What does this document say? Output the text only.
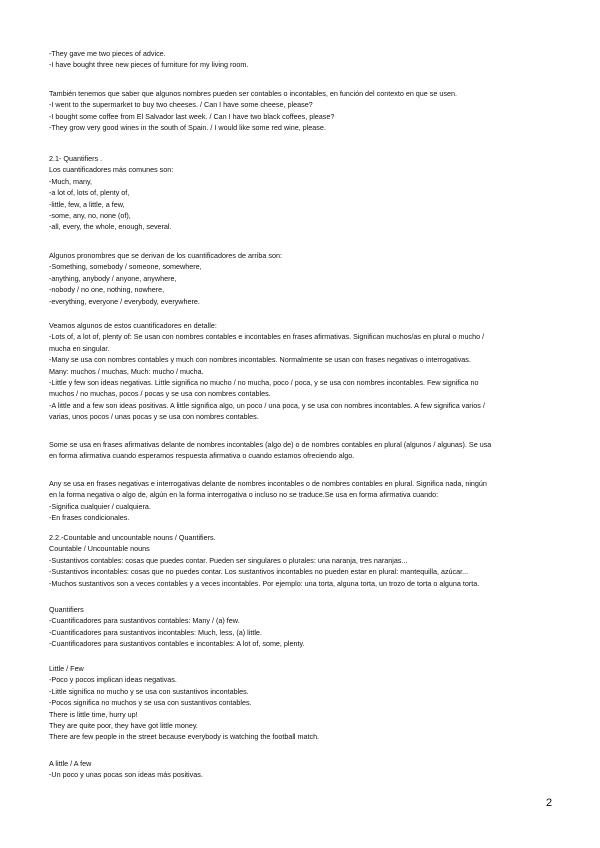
-They gave me two pieces of advice.
-I have bought three new pieces of furniture for my living room.
También tenemos que saber que algunos nombres pueden ser contables o incontables, en función del contexto en que se usen.
-I went to the supermarket to buy two cheeses. / Can I have some cheese, please?
-I bought some coffee from El Salvador last week. / Can I have two black coffees, please?
-They grow very good wines in the south of Spain. / I would like some red wine, please.
2.1- Quantifiers .
Los cuantificadores más comunes son:
-Much, many,
-a lot of, lots of, plenty of,
-little, few, a little, a few,
-some, any, no, none (of),
-all, every, the whole, enough, several.
Algunos pronombres que se derivan de los cuantificadores de arriba son:
-Something, somebody / someone, somewhere,
-anything, anybody / anyone, anywhere,
-nobody / no one, nothing, nowhere,
-everything, everyone / everybody, everywhere.
Veamos algunos de estos cuantificadores en detalle:
-Lots of, a lot of, plenty of: Se usan con nombres contables e incontables en frases afirmativas. Significan muchos/as en plural o mucho /
mucha en singular.
-Many se usa con nombres contables y much con nombres incontables. Normalmente se usan con frases negativas o interrogativas.
Many: muchos / muchas, Much: mucho / mucha.
-Little y few son ideas negativas. Little significa no mucho / no mucha, poco / poca, y se usa con nombres incontables. Few significa no
muchos / no muchas, pocos / pocas y se usa con nombres contables.
-A little and a few son ideas positivas. A little significa algo, un poco / una poca, y se usa con nombres incontables. A few significa varios /
varias, unos pocos / unas pocas y se usa con nombres contables.
Some se usa en frases afirmativas delante de nombres incontables (algo de) o de nombres contables en plural (algunos / algunas). Se usa
en forma afirmativa cuando esperamos respuesta afirmativa o cuando estamos ofreciendo algo.
Any se usa en frases negativas e interrogativas delante de nombres incontables o de nombres contables en plural. Significa nada, ningún
en la forma negativa o algo de, algún en la forma interrogativa o incluso no se traduce.Se usa en forma afirmativa cuando:
-Significa cualquier / cualquiera.
-En frases condicionales.
2.2.-Countable and uncountable nouns / Quantifiers.
Countable / Uncountable nouns
-Sustantivos contables: cosas que puedes contar. Pueden ser singulares o plurales: una naranja, tres naranjas...
-Sustantivos incontables: cosas que no puedes contar. Los sustantivos incontables no pueden estar en plural: mantequilla, azúcar...
-Muchos sustantivos son a veces contables y a veces incontables. Por ejemplo: una torta, alguna torta, un trozo de torta o alguna torta.
Quantifiers
-Cuantificadores para sustantivos contables: Many / (a) few.
-Cuantificadores para sustantivos incontables: Much, less, (a) little.
-Cuantificadores para sustantivos contables e incontables: A lot of, some, plenty.
Little / Few
-Poco y pocos implican ideas negativas.
-Little significa no mucho y se usa con sustantivos incontables.
-Pocos significa no muchos y se usa con sustantivos contables.
There is little time, hurry up!
They are quite poor, they have got little money.
There are few people in the street because everybody is watching the football match.
A little / A few
-Un poco y unas pocas son ideas más positivas.
2
